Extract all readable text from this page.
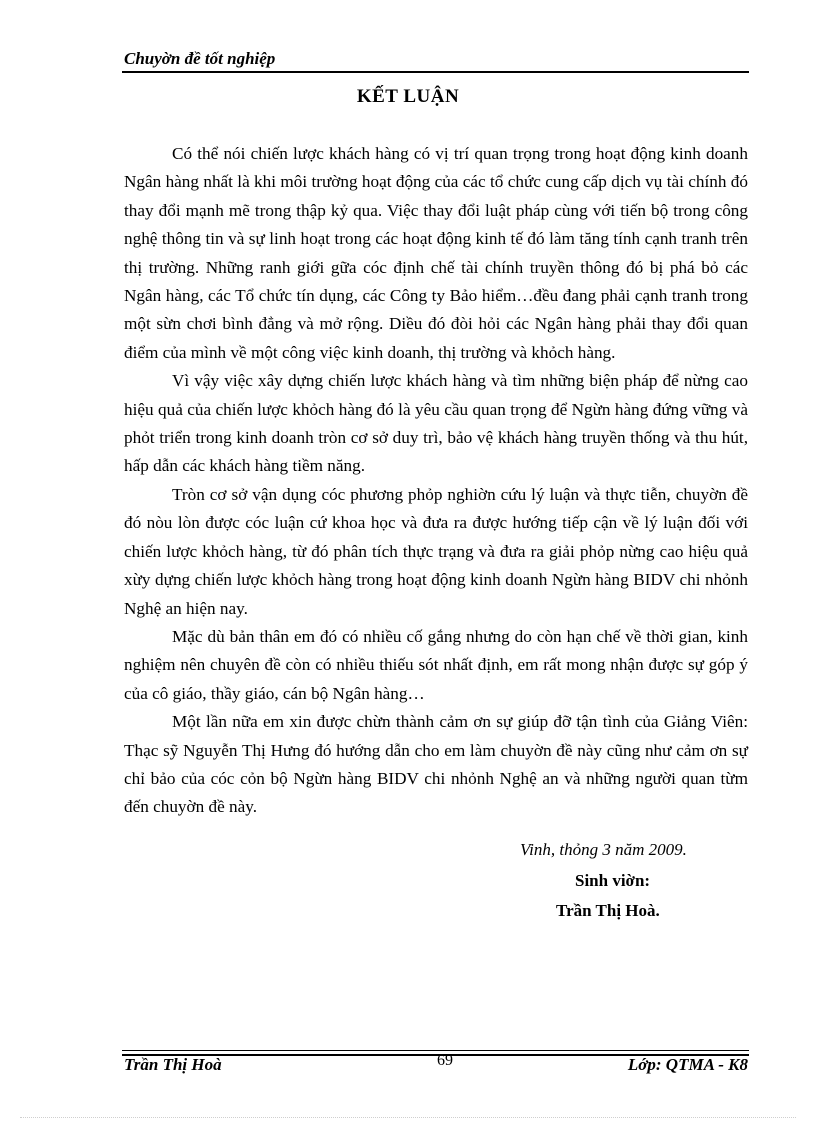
Chuyờn đề tốt nghiệp
KẾT LUẬN

Có thể nói chiến lược khách hàng có vị trí quan trọng trong hoạt động kinh doanh Ngân hàng nhất là khi môi trường hoạt động của các tổ chức cung cấp dịch vụ tài chính đó thay đổi mạnh mẽ trong thập kỷ qua. Việc thay đổi luật pháp cùng với tiến bộ trong công nghệ thông tin và sự linh hoạt trong các hoạt động kinh tế đó làm tăng tính cạnh tranh trên thị trường. Những ranh giới gữa cóc định chế tài chính truyền thông đó bị phá bỏ các Ngân hàng, các Tổ chức tín dụng, các Công ty Bảo hiểm…đều đang phải cạnh tranh trong một sừn chơi bình đẳng và mở rộng. Diều đó đòi hỏi các Ngân hàng phải thay đổi quan điểm của mình về một công việc kinh doanh, thị trường và khỏch hàng.

Vì vậy việc xây dựng chiến lược khách hàng và tìm những biện pháp để nừng cao hiệu quả của chiến lược khỏch hàng đó là yêu cầu quan trọng để Ngừn hàng đứng vững và phỏt triển trong kinh doanh tròn cơ sở duy trì, bảo vệ khách hàng truyền thống và thu hút, hấp dẫn các khách hàng tiềm năng.

Tròn cơ sở vận dụng cóc phương phỏp nghiờn cứu lý luận và thực tiễn, chuyờn đề đó nòu lòn được cóc luận cứ khoa học và đưa ra được hướng tiếp cận về lý luận đối với chiến lược khỏch hàng, từ đó phân tích thực trạng và đưa ra giải phỏp nừng cao hiệu quả xừy dựng chiến lược khỏch hàng trong hoạt động kinh doanh Ngừn hàng BIDV chi nhỏnh Nghệ an hiện nay.

Mặc dù bản thân em đó có nhiều cố gắng nhưng do còn hạn chế về thời gian, kinh nghiệm nên chuyên đề còn có nhiều thiếu sót nhất định, em rất mong nhận được sự góp ý của cô giáo, thầy giáo, cán bộ Ngân hàng…

Một lần nữa em xin được chừn thành cảm ơn sự giúp đỡ tận tình của Giảng Viên: Thạc sỹ Nguyễn Thị Hưng đó hướng dẫn cho em làm chuyờn đề này cũng như cảm ơn sự chỉ bảo của cóc cỏn bộ Ngừn hàng BIDV chi nhỏnh Nghệ an và những người quan từm đến chuyờn đề này.

Vinh, thỏng 3 năm 2009.
Sinh viờn:
Trần Thị Hoà.
Trần Thị Hoà	69	Lớp: QTMA - K8
